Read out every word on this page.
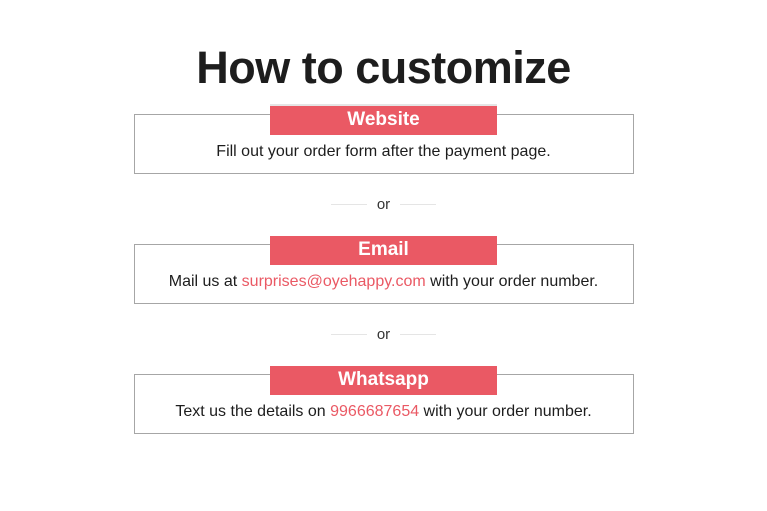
How to customize
Website

Fill out your order form after the payment page.

or
Email

Mail us at surprises@oyehappy.com with your order number.

or
Whatsapp

Text us the details on 9966687654 with your order number.
